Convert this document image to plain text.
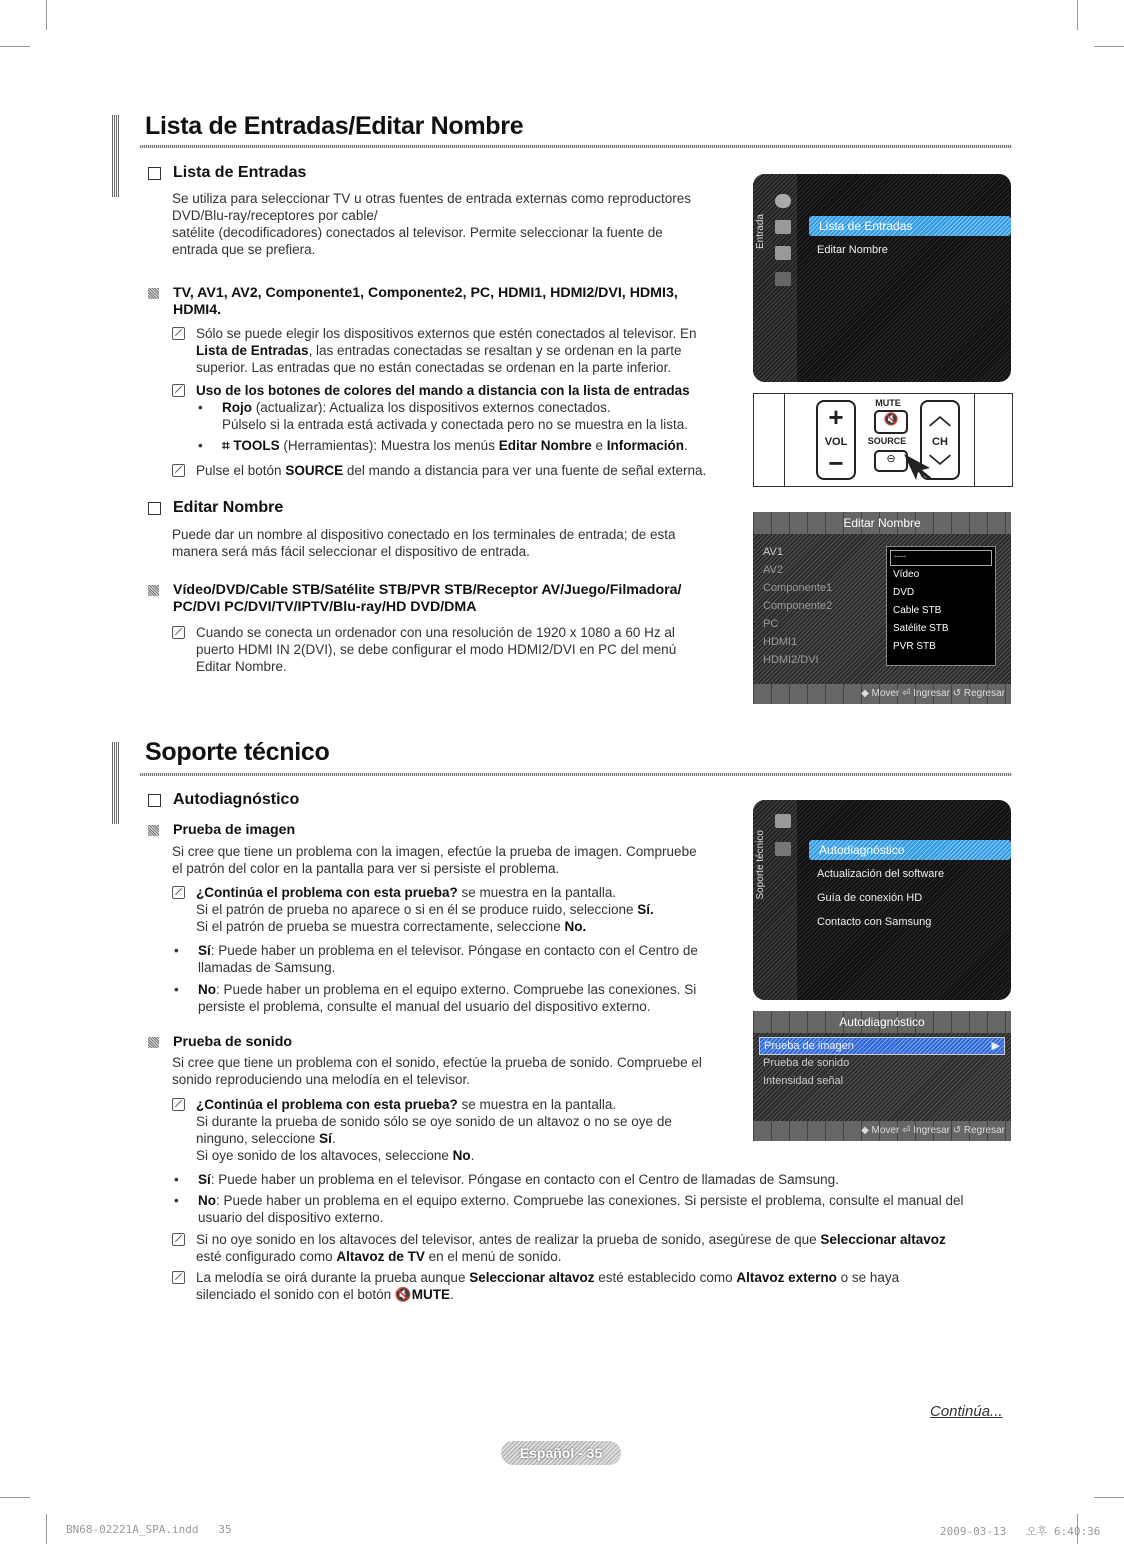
Lista de Entradas/Editar Nombre
Lista de Entradas
Se utiliza para seleccionar TV u otras fuentes de entrada externas como reproductores
DVD/Blu-ray/receptores por cable/
satélite (decodificadores) conectados al televisor. Permite seleccionar la fuente de
entrada que se prefiera.
TV, AV1, AV2, Componente1, Componente2, PC, HDMI1, HDMI2/DVI, HDMI3,
HDMI4.
Sólo se puede elegir los dispositivos externos que estén conectados al televisor. En
Lista de Entradas, las entradas conectadas se resaltan y se ordenan en la parte
superior. Las entradas que no están conectadas se ordenan en la parte inferior.
Uso de los botones de colores del mando a distancia con la lista de entradas
•	Rojo (actualizar): Actualiza los dispositivos externos conectados.
Púlselo si la entrada está activada y conectada pero no se muestra en la lista.
•	⌗ TOOLS (Herramientas): Muestra los menús Editar Nombre e Información.
Pulse el botón SOURCE del mando a distancia para ver una fuente de señal externa.
Editar Nombre
Puede dar un nombre al dispositivo conectado en los terminales de entrada; de esta
manera será más fácil seleccionar el dispositivo de entrada.
Vídeo/DVD/Cable STB/Satélite STB/PVR STB/Receptor AV/Juego/Filmadora/
PC/DVI PC/DVI/TV/IPTV/Blu-ray/HD DVD/DMA
Cuando se conecta un ordenador con una resolución de 1920 x 1080 a 60 Hz al
puerto HDMI IN 2(DVI), se debe configurar el modo HDMI2/DVI en PC del menú
Editar Nombre.
Entrada	Lista de Entradas
Editar Nombre
+
VOL
−
MUTE
🔇
SOURCE
⊖
︿
CH
﹀
Editar Nombre
AV1
AV2
Componente1
Componente2
PC
HDMI1
HDMI2/DVI
----
Vídeo
DVD
Cable STB
Satélite STB
PVR STB
◆ Mover ⏎ Ingresar ↺ Regresar
Soporte técnico
Autodiagnóstico
Prueba de imagen
Si cree que tiene un problema con la imagen, efectúe la prueba de imagen. Compruebe
el patrón del color en la pantalla para ver si persiste el problema.
¿Continúa el problema con esta prueba? se muestra en la pantalla.
Si el patrón de prueba no aparece o si en él se produce ruido, seleccione Sí.
Si el patrón de prueba se muestra correctamente, seleccione No.
•	Sí: Puede haber un problema en el televisor. Póngase en contacto con el Centro de
llamadas de Samsung.
•	No: Puede haber un problema en el equipo externo. Compruebe las conexiones. Si
persiste el problema, consulte el manual del usuario del dispositivo externo.
Prueba de sonido
Si cree que tiene un problema con el sonido, efectúe la prueba de sonido. Compruebe el
sonido reproduciendo una melodía en el televisor.
¿Continúa el problema con esta prueba? se muestra en la pantalla.
Si durante la prueba de sonido sólo se oye sonido de un altavoz o no se oye de
ninguno, seleccione Sí.
Si oye sonido de los altavoces, seleccione No.
•	Sí: Puede haber un problema en el televisor. Póngase en contacto con el Centro de llamadas de Samsung.
•	No: Puede haber un problema en el equipo externo. Compruebe las conexiones. Si persiste el problema, consulte el manual del
usuario del dispositivo externo.
Si no oye sonido en los altavoces del televisor, antes de realizar la prueba de sonido, asegúrese de que Seleccionar altavoz
esté configurado como Altavoz de TV en el menú de sonido.
La melodía se oirá durante la prueba aunque Seleccionar altavoz esté establecido como Altavoz externo o se haya
silenciado el sonido con el botón 🔇MUTE.
Soporte técnico	Autodiagnóstico
Actualización del software
Guía de conexión HD
Contacto con Samsung
Autodiagnóstico
Prueba de imagen	▶
Prueba de sonido
Intensidad señal
◆ Mover ⏎ Ingresar ↺ Regresar
Continúa...
Español - 35
BN68-02221A_SPA.indd   35	2009-03-13   오후 6:40:36
